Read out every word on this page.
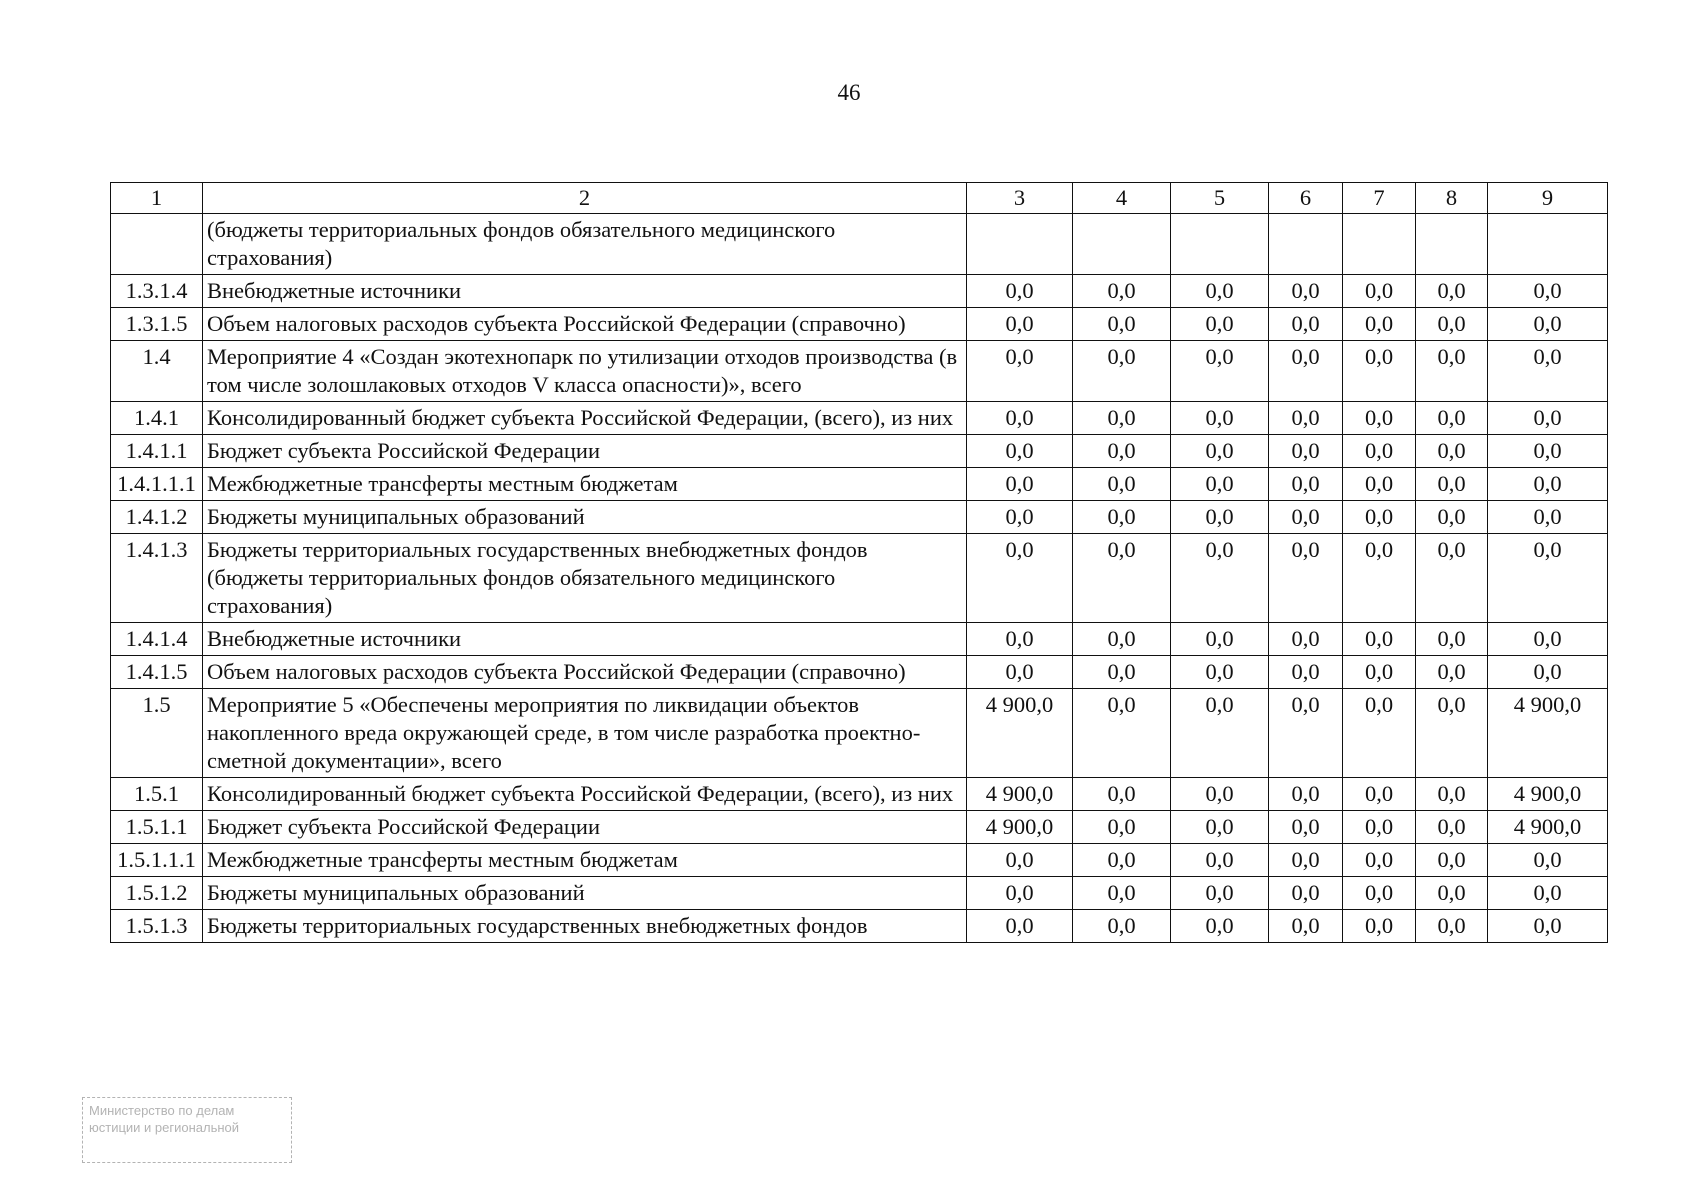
46
1	2	3	4	5	6	7	8	9
	(бюджеты территориальных фондов обязательного медицинского страхования)							
1.3.1.4	Внебюджетные источники	0,0	0,0	0,0	0,0	0,0	0,0	0,0
1.3.1.5	Объем налоговых расходов субъекта Российской Федерации (справочно)	0,0	0,0	0,0	0,0	0,0	0,0	0,0
1.4	Мероприятие 4 «Создан экотехнопарк по утилизации отходов производства (в том числе золошлаковых отходов V класса опасности)», всего	0,0	0,0	0,0	0,0	0,0	0,0	0,0
1.4.1	Консолидированный бюджет субъекта Российской Федерации, (всего), из них	0,0	0,0	0,0	0,0	0,0	0,0	0,0
1.4.1.1	Бюджет субъекта Российской Федерации	0,0	0,0	0,0	0,0	0,0	0,0	0,0
1.4.1.1.1	Межбюджетные трансферты местным бюджетам	0,0	0,0	0,0	0,0	0,0	0,0	0,0
1.4.1.2	Бюджеты муниципальных образований	0,0	0,0	0,0	0,0	0,0	0,0	0,0
1.4.1.3	Бюджеты территориальных государственных внебюджетных фондов (бюджеты территориальных фондов обязательного медицинского страхования)	0,0	0,0	0,0	0,0	0,0	0,0	0,0
1.4.1.4	Внебюджетные источники	0,0	0,0	0,0	0,0	0,0	0,0	0,0
1.4.1.5	Объем налоговых расходов субъекта Российской Федерации (справочно)	0,0	0,0	0,0	0,0	0,0	0,0	0,0
1.5	Мероприятие 5 «Обеспечены мероприятия по ликвидации объектов накопленного вреда окружающей среде, в том числе разработка проектно-сметной документации», всего	4 900,0	0,0	0,0	0,0	0,0	0,0	4 900,0
1.5.1	Консолидированный бюджет субъекта Российской Федерации, (всего), из них	4 900,0	0,0	0,0	0,0	0,0	0,0	4 900,0
1.5.1.1	Бюджет субъекта Российской Федерации	4 900,0	0,0	0,0	0,0	0,0	0,0	4 900,0
1.5.1.1.1	Межбюджетные трансферты местным бюджетам	0,0	0,0	0,0	0,0	0,0	0,0	0,0
1.5.1.2	Бюджеты муниципальных образований	0,0	0,0	0,0	0,0	0,0	0,0	0,0
1.5.1.3	Бюджеты территориальных государственных внебюджетных фондов	0,0	0,0	0,0	0,0	0,0	0,0	0,0
Министерство по делам
юстиции и региональной
